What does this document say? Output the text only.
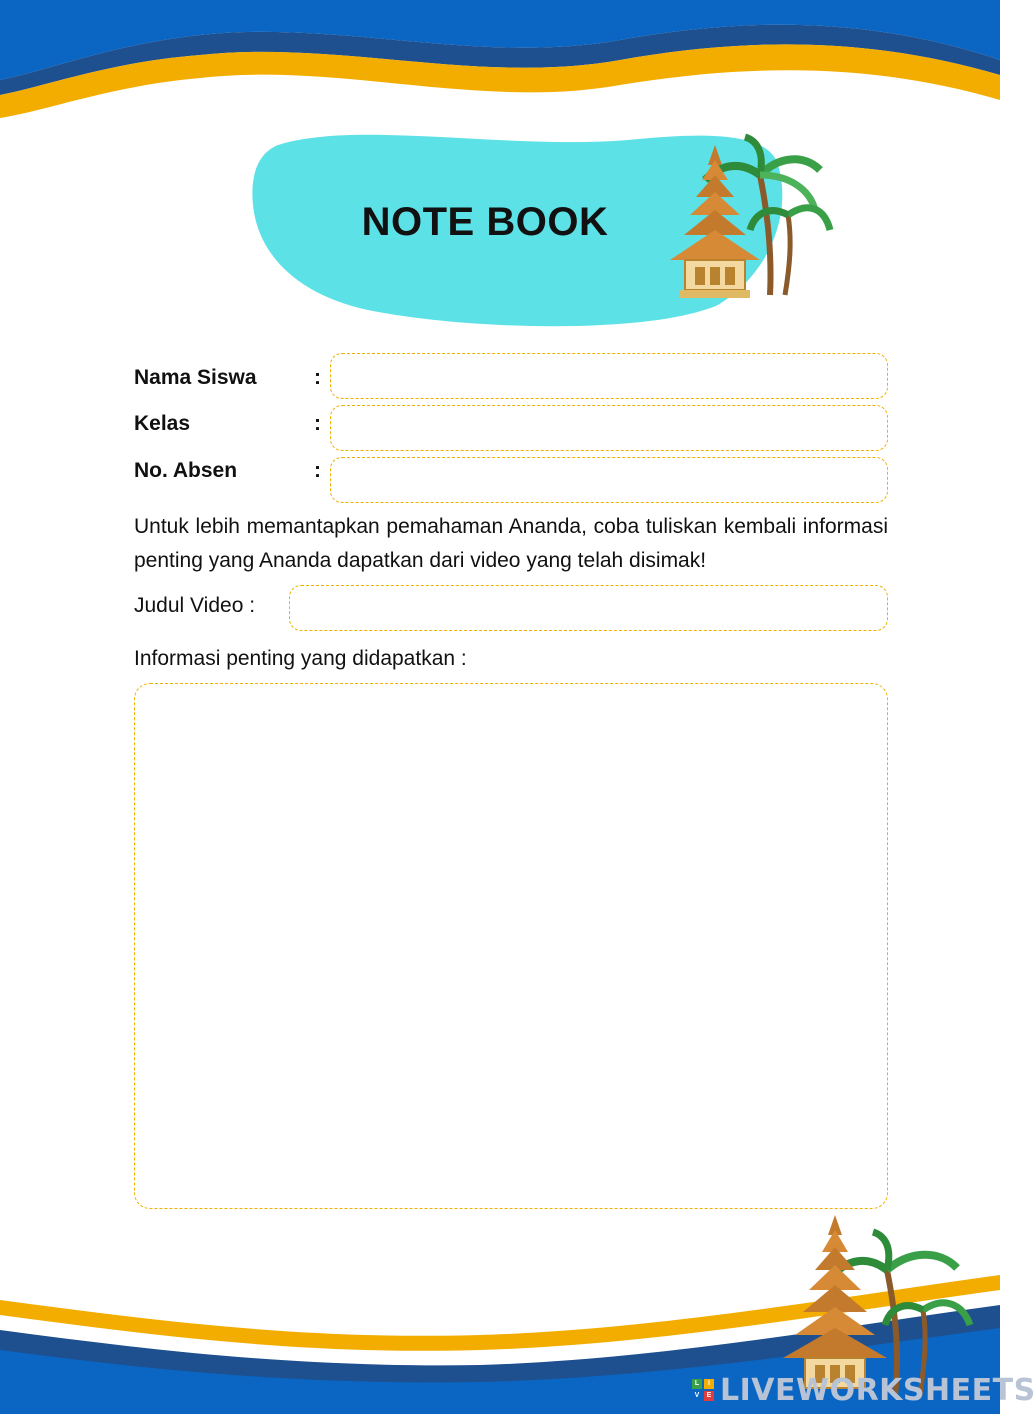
NOTE BOOK
Nama Siswa	:
Kelas	:
No. Absen	:
Untuk lebih memantapkan pemahaman Ananda, coba tuliskan kembali informasi penting yang Ananda dapatkan dari video yang telah disimak!
Judul Video :
Informasi penting yang didapatkan :
L	I
V	E LIVEWORKSHEETS
